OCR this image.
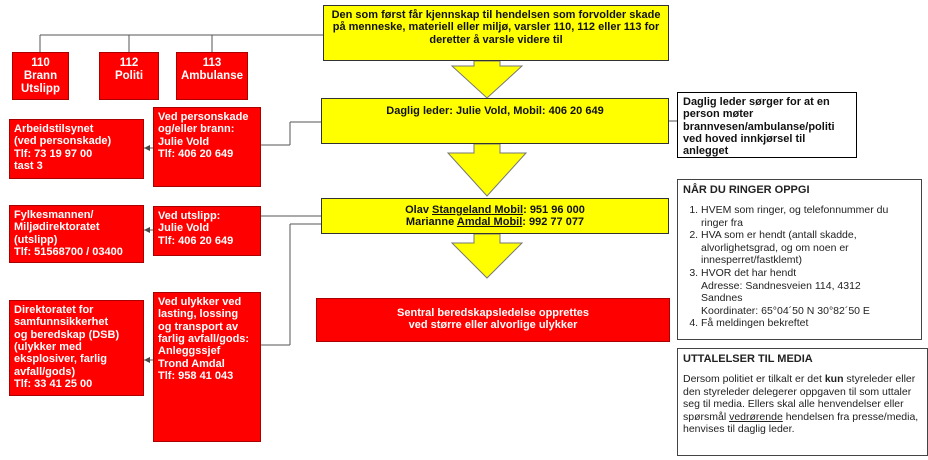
Den som først får kjennskap til hendelsen som forvolder skade
på menneske, materiell eller miljø, varsler 110, 112 eller 113 for
deretter å varsle videre til
110
Brann
Utslipp
112
Politi
113
Ambulanse
Daglig leder: Julie Vold, Mobil: 406 20 649
Daglig leder sørger for at en
person møter
brannvesen/ambulanse/politi
ved hoved innkjørsel til
anlegget
Olav Stangeland Mobil: 951 96 000
Marianne Amdal Mobil: 992 77 077
Sentral beredskapsledelse opprettes
ved større eller alvorlige ulykker
Arbeidstilsynet
(ved personskade)
Tlf: 73 19 97 00
tast 3
Fylkesmannen/
Miljødirektoratet
(utslipp)
Tlf: 51568700 / 03400
Direktoratet for
samfunnsikkerhet
og beredskap (DSB)
(ulykker med
eksplosiver, farlig
avfall/gods)
Tlf: 33 41 25 00
Ved personskade
og/eller brann:
Julie Vold
Tlf: 406 20 649
Ved utslipp:
Julie Vold
Tlf: 406 20 649
Ved ulykker ved
lasting, lossing
og transport av
farlig avfall/gods:
Anleggssjef
Trond Amdal
Tlf: 958 41 043
NÅR DU RINGER OPPGI
1. HVEM som ringer, og telefonnummer du
ringer fra
2. HVA som er hendt (antall skadde,
alvorlighetsgrad, og om noen er
innesperret/fastklemt)
3. HVOR det har hendt
Adresse: Sandnesveien 114, 4312
Sandnes
Koordinater: 65°04´50 N 30°82´50 E
4. Få meldingen bekreftet
UTTALELSER TIL MEDIA

Dersom politiet er tilkalt er det kun styreleder eller den styreleder delegerer oppgaven til som uttaler seg til media. Ellers skal alle henvendelser eller spørsmål vedrørende hendelsen fra presse/media, henvises til daglig leder.
